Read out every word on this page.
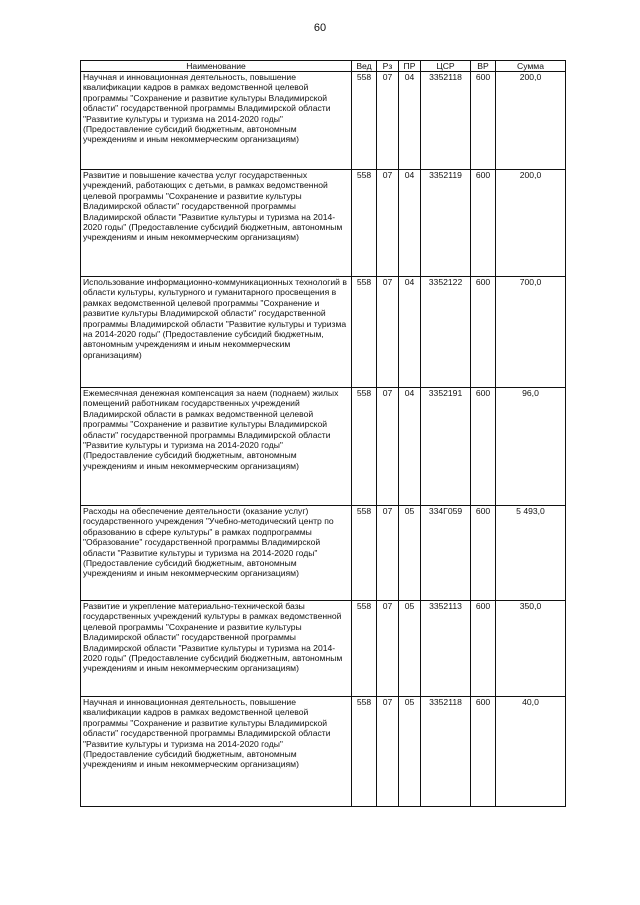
60
Наименование	Вед	Рз	ПР	ЦСР	ВР	Сумма
Научная и инновационная деятельность, повышение квалификации кадров в рамках ведомственной целевой программы "Сохранение и развитие культуры Владимирской области" государственной программы Владимирской области "Развитие культуры и туризма на 2014-2020 годы" (Предоставление субсидий бюджетным, автономным учреждениям и иным некоммерческим организациям)	558	07	04	3352118	600	200,0
Развитие и повышение качества услуг государственных учреждений, работающих с детьми, в рамках ведомственной целевой программы "Сохранение и развитие культуры Владимирской области" государственной программы Владимирской области "Развитие культуры и туризма на 2014-2020 годы" (Предоставление субсидий бюджетным, автономным учреждениям и иным некоммерческим организациям)	558	07	04	3352119	600	200,0
Использование информационно-коммуникационных технологий в области культуры, культурного и гуманитарного просвещения в рамках ведомственной целевой программы "Сохранение и развитие культуры Владимирской области" государственной программы Владимирской области "Развитие культуры и туризма на 2014-2020 годы" (Предоставление субсидий бюджетным, автономным учреждениям и иным некоммерческим организациям)	558	07	04	3352122	600	700,0
Ежемесячная денежная компенсация за наем (поднаем) жилых помещений работникам государственных учреждений Владимирской области в рамках ведомственной целевой программы "Сохранение и развитие культуры Владимирской области" государственной программы Владимирской области "Развитие культуры и туризма на 2014-2020 годы" (Предоставление субсидий бюджетным, автономным учреждениям и иным некоммерческим организациям)	558	07	04	3352191	600	96,0
Расходы на обеспечение деятельности (оказание услуг) государственного учреждения "Учебно-методический центр по образованию в сфере культуры" в рамках подпрограммы "Образование" государственной программы Владимирской области "Развитие культуры и туризма на 2014-2020 годы" (Предоставление субсидий бюджетным, автономным учреждениям и иным некоммерческим организациям)	558	07	05	334Г059	600	5 493,0
Развитие и укрепление материально-технической базы государственных учреждений культуры в рамках ведомственной целевой программы "Сохранение и развитие культуры Владимирской области" государственной программы Владимирской области "Развитие культуры и туризма на 2014-2020 годы" (Предоставление субсидий бюджетным, автономным учреждениям и иным некоммерческим организациям)	558	07	05	3352113	600	350,0
Научная и инновационная деятельность, повышение квалификации кадров в рамках ведомственной целевой программы "Сохранение и развитие культуры Владимирской области" государственной программы Владимирской области "Развитие культуры и туризма на 2014-2020 годы" (Предоставление субсидий бюджетным, автономным учреждениям и иным некоммерческим организациям)	558	07	05	3352118	600	40,0
